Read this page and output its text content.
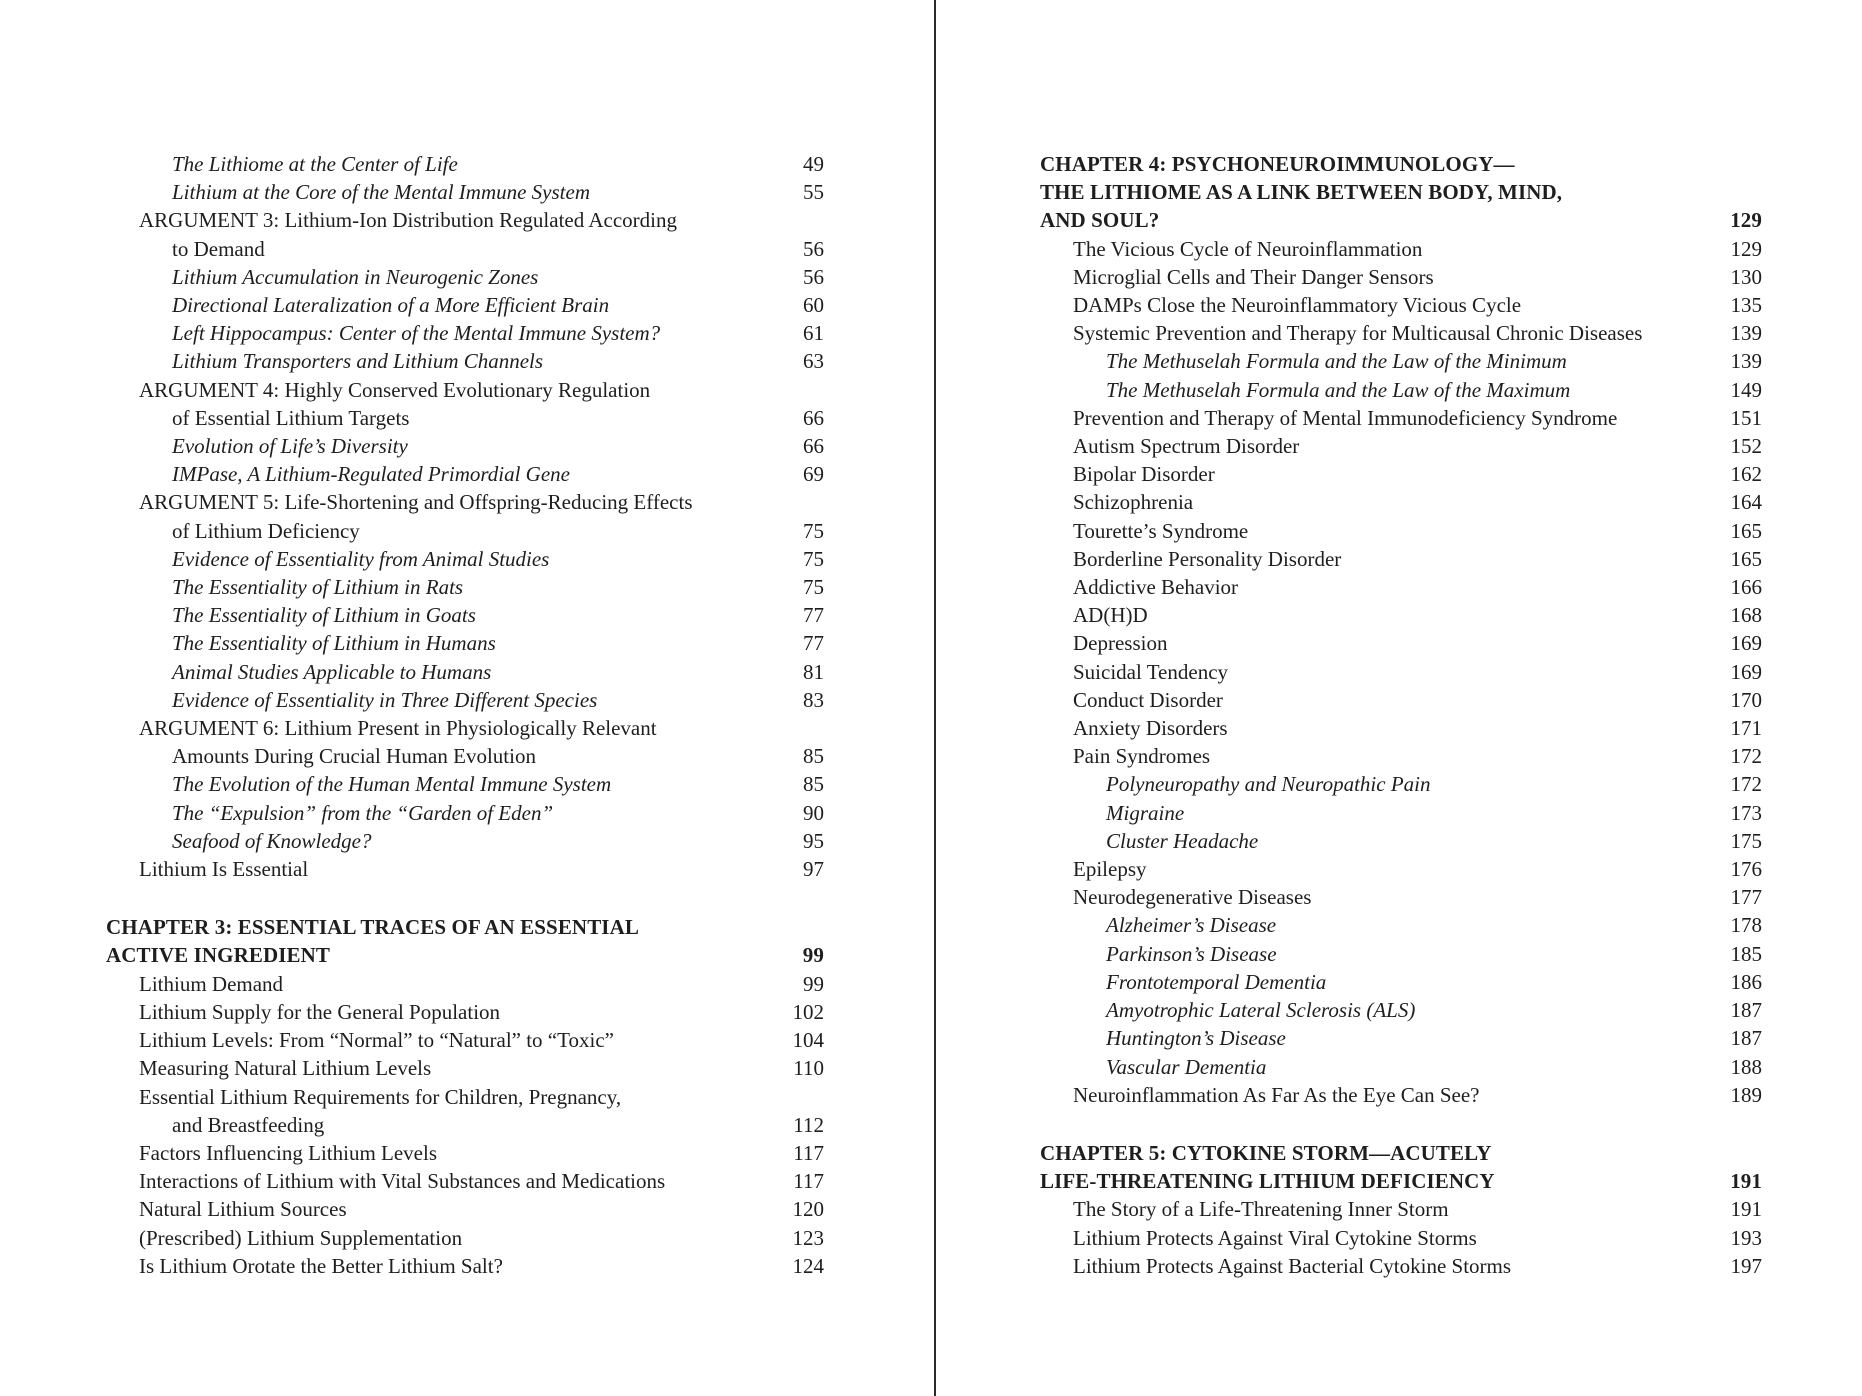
The Lithiome at the Center of Life	49
Lithium at the Core of the Mental Immune System	55
ARGUMENT 3: Lithium-Ion Distribution Regulated According
to Demand	56
Lithium Accumulation in Neurogenic Zones	56
Directional Lateralization of a More Efficient Brain	60
Left Hippocampus: Center of the Mental Immune System?	61
Lithium Transporters and Lithium Channels	63
ARGUMENT 4: Highly Conserved Evolutionary Regulation
of Essential Lithium Targets	66
Evolution of Life’s Diversity	66
IMPase, A Lithium-Regulated Primordial Gene	69
ARGUMENT 5: Life-Shortening and Offspring-Reducing Effects
of Lithium Deficiency	75
Evidence of Essentiality from Animal Studies	75
The Essentiality of Lithium in Rats	75
The Essentiality of Lithium in Goats	77
The Essentiality of Lithium in Humans	77
Animal Studies Applicable to Humans	81
Evidence of Essentiality in Three Different Species	83
ARGUMENT 6: Lithium Present in Physiologically Relevant
Amounts During Crucial Human Evolution	85
The Evolution of the Human Mental Immune System	85
The “Expulsion” from the “Garden of Eden”	90
Seafood of Knowledge?	95
Lithium Is Essential	97
CHAPTER 3: ESSENTIAL TRACES OF AN ESSENTIAL
ACTIVE INGREDIENT	99
Lithium Demand	99
Lithium Supply for the General Population	102
Lithium Levels: From “Normal” to “Natural” to “Toxic”	104
Measuring Natural Lithium Levels	110
Essential Lithium Requirements for Children, Pregnancy,
and Breastfeeding	112
Factors Influencing Lithium Levels	117
Interactions of Lithium with Vital Substances and Medications	117
Natural Lithium Sources	120
(Prescribed) Lithium Supplementation	123
Is Lithium Orotate the Better Lithium Salt?	124
CHAPTER 4: PSYCHONEUROIMMUNOLOGY—
THE LITHIOME AS A LINK BETWEEN BODY, MIND,
AND SOUL?	129
The Vicious Cycle of Neuroinflammation	129
Microglial Cells and Their Danger Sensors	130
DAMPs Close the Neuroinflammatory Vicious Cycle	135
Systemic Prevention and Therapy for Multicausal Chronic Diseases	139
The Methuselah Formula and the Law of the Minimum	139
The Methuselah Formula and the Law of the Maximum	149
Prevention and Therapy of Mental Immunodeficiency Syndrome	151
Autism Spectrum Disorder	152
Bipolar Disorder	162
Schizophrenia	164
Tourette’s Syndrome	165
Borderline Personality Disorder	165
Addictive Behavior	166
AD(H)D	168
Depression	169
Suicidal Tendency	169
Conduct Disorder	170
Anxiety Disorders	171
Pain Syndromes	172
Polyneuropathy and Neuropathic Pain	172
Migraine	173
Cluster Headache	175
Epilepsy	176
Neurodegenerative Diseases	177
Alzheimer’s Disease	178
Parkinson’s Disease	185
Frontotemporal Dementia	186
Amyotrophic Lateral Sclerosis (ALS)	187
Huntington’s Disease	187
Vascular Dementia	188
Neuroinflammation As Far As the Eye Can See?	189
CHAPTER 5: CYTOKINE STORM—ACUTELY
LIFE-THREATENING LITHIUM DEFICIENCY	191
The Story of a Life-Threatening Inner Storm	191
Lithium Protects Against Viral Cytokine Storms	193
Lithium Protects Against Bacterial Cytokine Storms	197
